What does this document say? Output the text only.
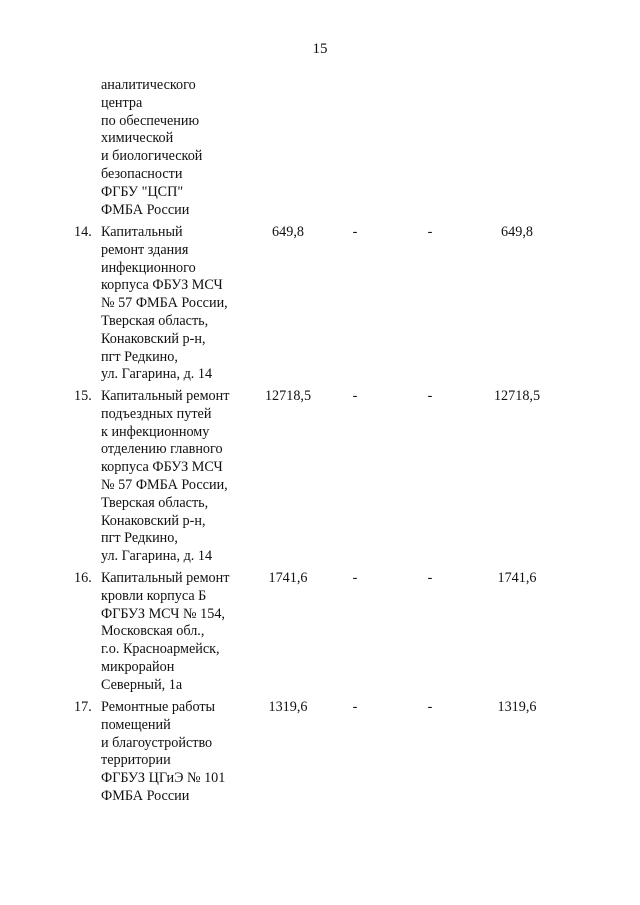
15
аналитического
центра
по обеспечению
химической
и биологической
безопасности
ФГБУ "ЦСП"
ФМБА России
14. Капитальный
ремонт здания
инфекционного
корпуса ФБУЗ МСЧ
№ 57 ФМБА России,
Тверская область,
Конаковский р-н,
пгт Редкино,
ул. Гагарина, д. 14
649,8	-	-	649,8
15. Капитальный ремонт
подъездных путей
к инфекционному
отделению главного
корпуса ФБУЗ МСЧ
№ 57 ФМБА России,
Тверская область,
Конаковский р-н,
пгт Редкино,
ул. Гагарина, д. 14
12718,5	-	-	12718,5
16. Капитальный ремонт
кровли корпуса Б
ФГБУЗ МСЧ № 154,
Московская обл.,
г.о. Красноармейск,
микрорайон
Северный, 1а
1741,6	-	-	1741,6
17. Ремонтные работы
помещений
и благоустройство
территории
ФГБУЗ ЦГиЭ № 101
ФМБА России
1319,6	-	-	1319,6
